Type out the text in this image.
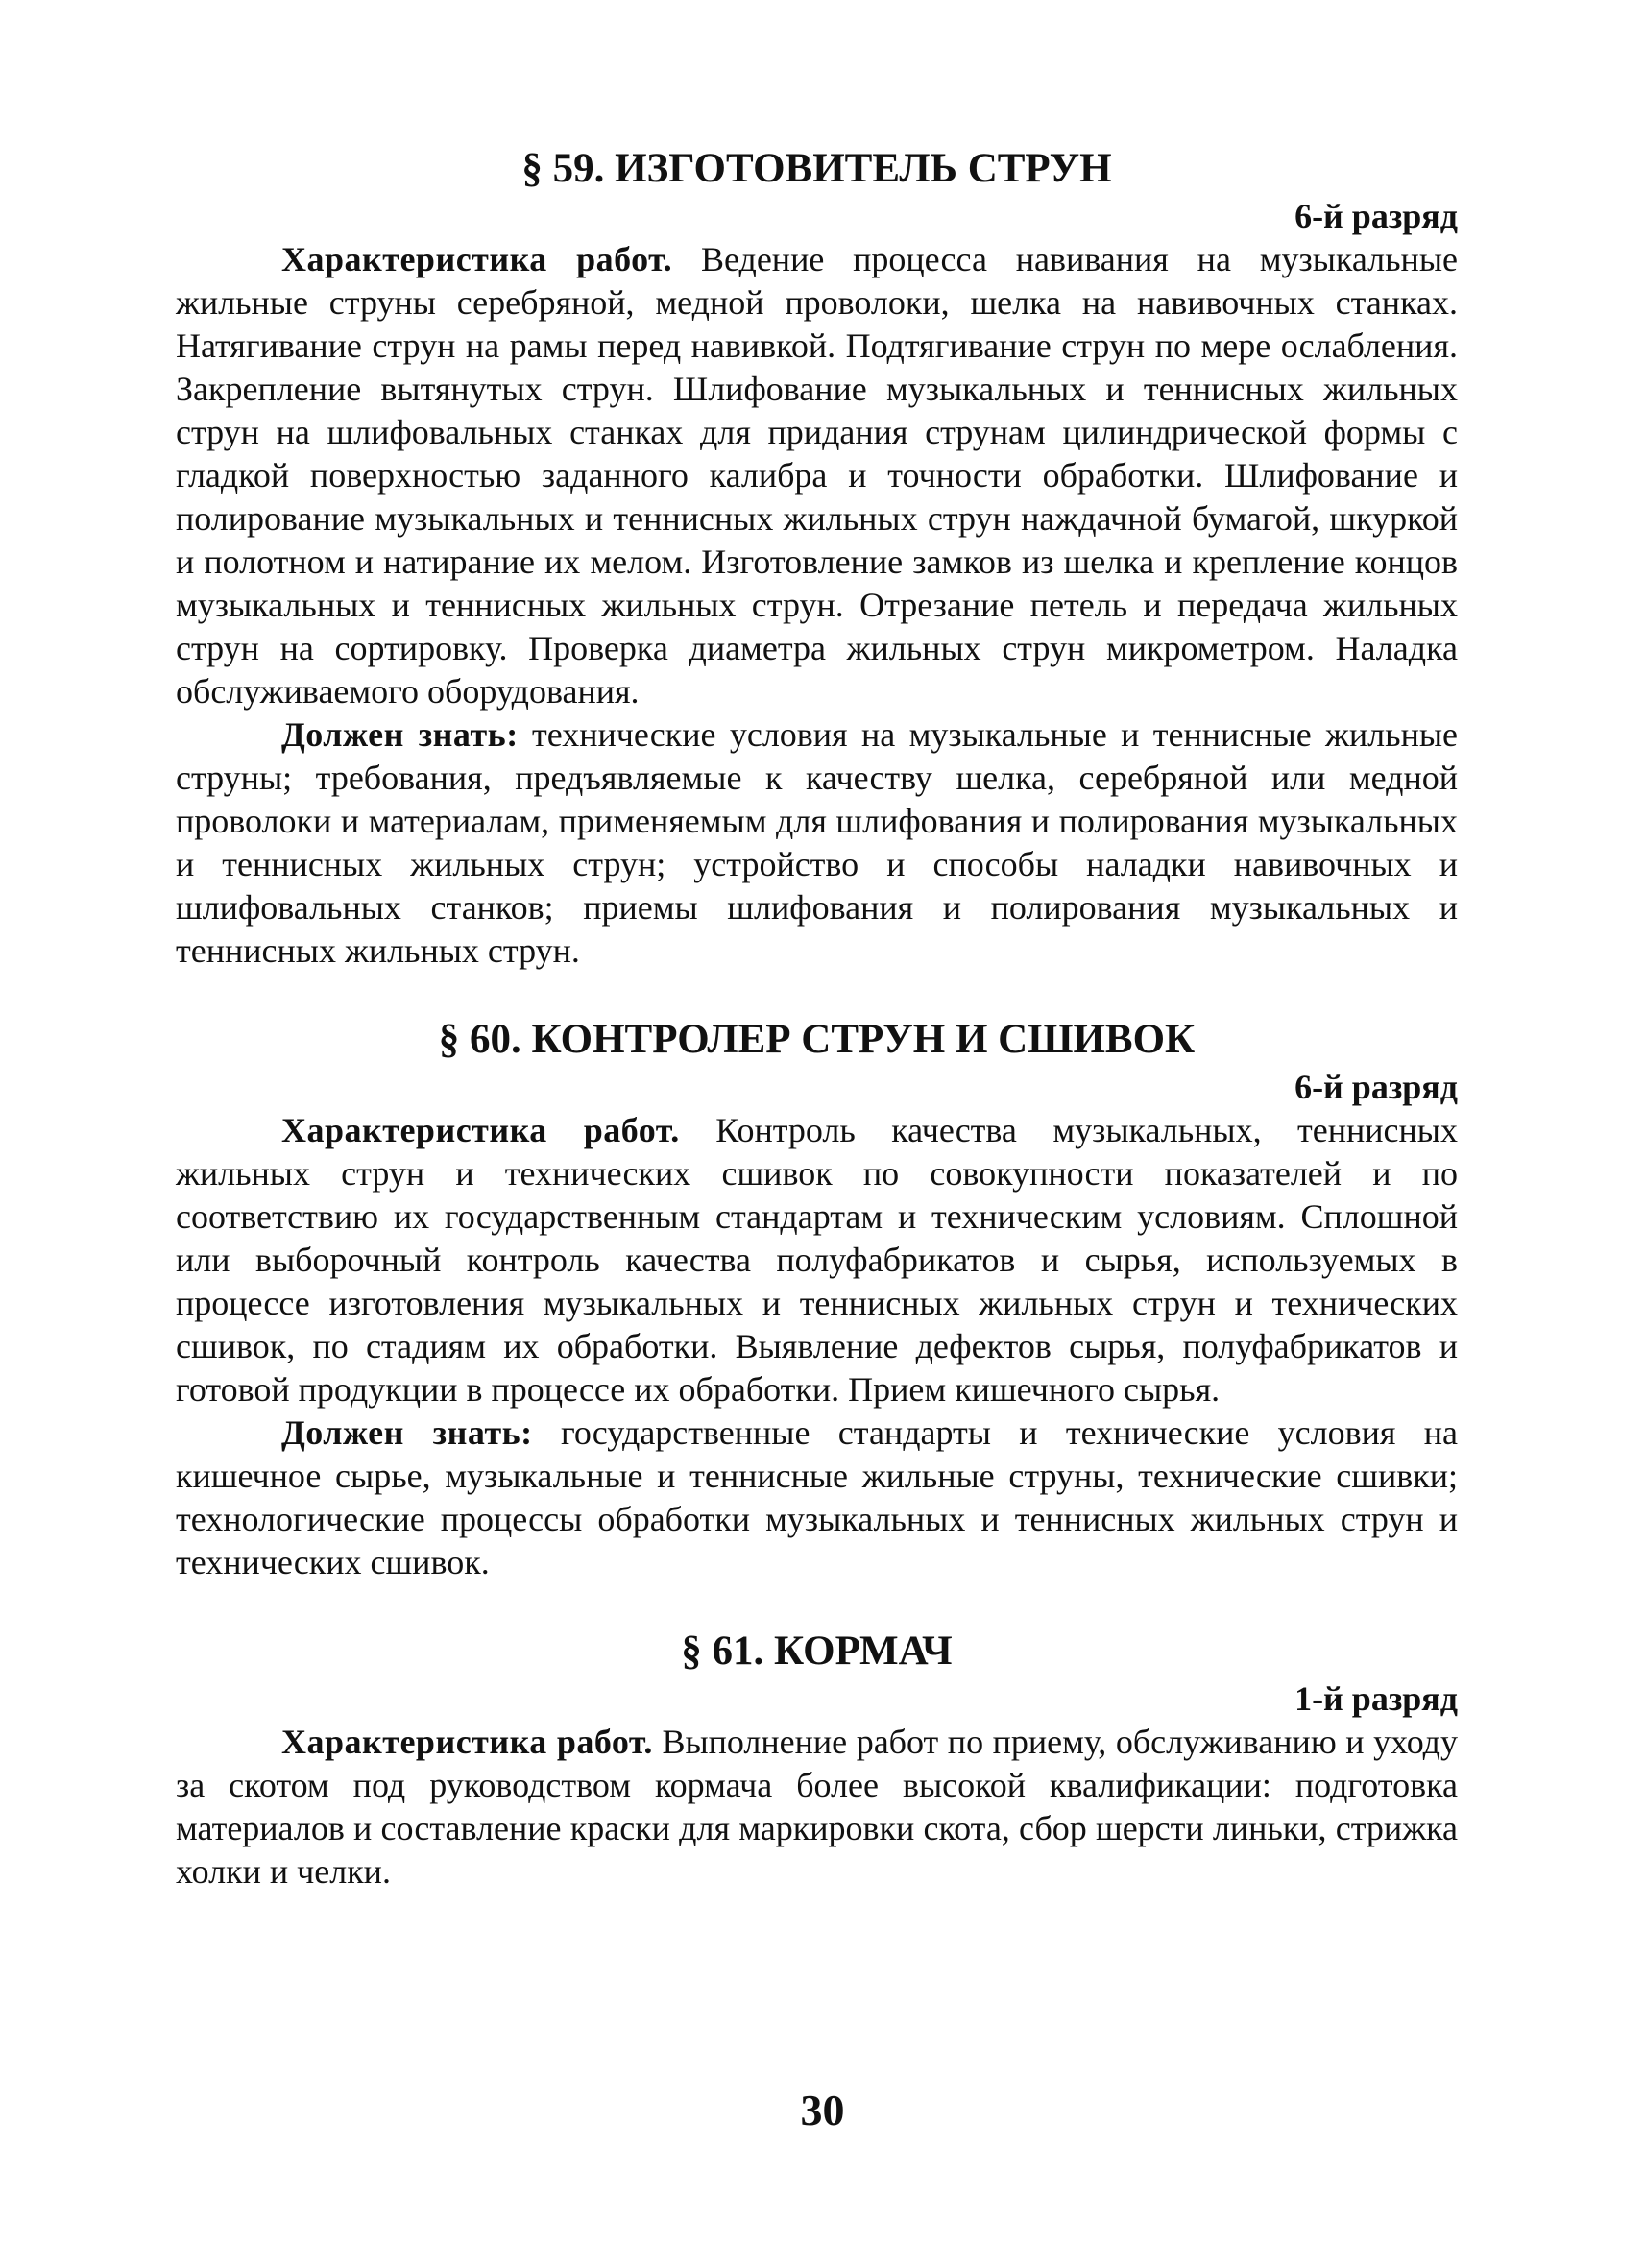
§ 59. ИЗГОТОВИТЕЛЬ СТРУН

6-й разряд

Характеристика работ. Ведение процесса навивания на музыкальные жильные струны серебряной, медной проволоки, шелка на навивочных станках. Натягивание струн на рамы перед навивкой. Подтягивание струн по мере ослабления. Закрепление вытянутых струн. Шлифование музыкальных и теннисных жильных струн на шлифовальных станках для придания струнам цилиндрической формы с гладкой поверхностью заданного калибра и точности обработки. Шлифование и полирование музыкальных и теннисных жильных струн наждачной бумагой, шкуркой и полотном и натирание их мелом. Изготовление замков из шелка и крепление концов музыкальных и теннисных жильных струн. Отрезание петель и передача жильных струн на сортировку. Проверка диаметра жильных струн микрометром. Наладка обслуживаемого оборудования.

Должен знать: технические условия на музыкальные и теннисные жильные струны; требования, предъявляемые к качеству шелка, серебряной или медной проволоки и материалам, применяемым для шлифования и полирования музыкальных и теннисных жильных струн; устройство и способы наладки навивочных и шлифовальных станков; приемы шлифования и полирования музыкальных и теннисных жильных струн.

§ 60. КОНТРОЛЕР СТРУН И СШИВОК

6-й разряд

Характеристика работ. Контроль качества музыкальных, теннисных жильных струн и технических сшивок по совокупности показателей и по соответствию их государственным стандартам и техническим условиям. Сплошной или выборочный контроль качества полуфабрикатов и сырья, используемых в процессе изготовления музыкальных и теннисных жильных струн и технических сшивок, по стадиям их обработки. Выявление дефектов сырья, полуфабрикатов и готовой продукции в процессе их обработки. Прием кишечного сырья.

Должен знать: государственные стандарты и технические условия на кишечное сырье, музыкальные и теннисные жильные струны, технические сшивки; технологические процессы обработки музыкальных и теннисных жильных струн и технических сшивок.

§ 61. КОРМАЧ

1-й разряд

Характеристика работ. Выполнение работ по приему, обслуживанию и уходу за скотом под руководством кормача более высокой квалификации: подготовка материалов и составление краски для маркировки скота, сбор шерсти линьки, стрижка холки и челки.

30
